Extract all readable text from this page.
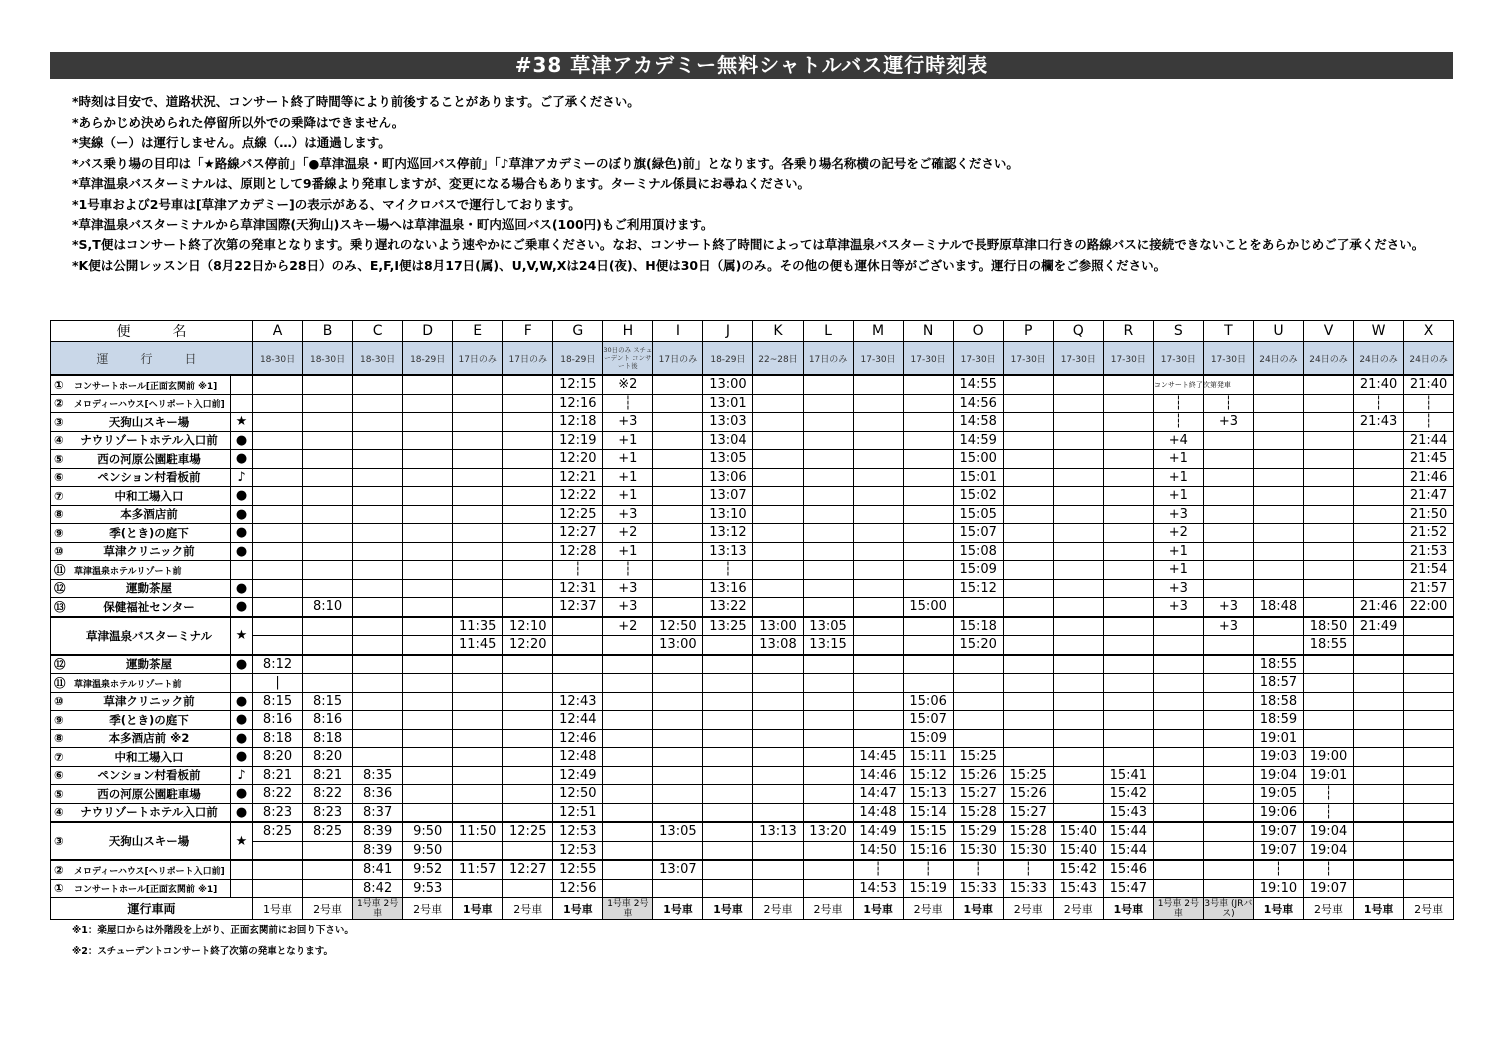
#38 草津アカデミー無料シャトルバス運行時刻表
*時刻は目安で、道路状況、コンサート終了時間等により前後することがあります。ご了承ください。
*あらかじめ決められた停留所以外での乗降はできません。
*実線（ー）は運行しません。点線（…）は通過します。
*バス乗り場の目印は「★路線バス停前」「●草津温泉・町内巡回バス停前」「♪草津アカデミーのぼり旗(緑色)前」となります。各乗り場名称横の記号をご確認ください。
*草津温泉バスターミナルは、原則として9番線より発車しますが、変更になる場合もあります。ターミナル係員にお尋ねください。
*1号車および2号車は[草津アカデミー]の表示がある、マイクロバスで運行しております。
*草津温泉バスターミナルから草津国際(天狗山)スキー場へは草津温泉・町内巡回バス(100円)もご利用頂けます。
*S,T便はコンサート終了次第の発車となります。乗り遅れのないよう速やかにご乗車ください。なお、コンサート終了時間によっては草津温泉バスターミナルで長野原草津口行きの路線バスに接続できないことをあらかじめご了承ください。
*K便は公開レッスン日（8月22日から28日）のみ、E,F,I便は8月17日(属)、U,V,W,Xは24日(夜)、H便は30日（属)のみ。その他の便も運休日等がございます。運行日の欄をご参照ください。
便　　　名		A	B	C	D	E	F	G	H	I	J	K	L	M	N	O	P	Q	R	S	T	U	V	W	X
運　行　日		18-30日	18-30日	18-30日	18-29日	17日のみ	17日のみ	18-29日	30日のみ スチューデント コンサート後	17日のみ	18-29日	22~28日	17日のみ	17-30日	17-30日	17-30日	17-30日	17-30日	17-30日	17-30日	17-30日	24日のみ	24日のみ	24日のみ	24日のみ
① コンサートホール[正面玄関前 ※1]								12:15	※2		13:00					14:55				コンサート終了次第発車				21:40	21:40
② メロディーハウス[ヘリポート入口前]								12:16	┆		13:01					14:56				┆	┆			┆	┆
③ 天狗山スキー場	★							12:18	+3		13:03					14:58				┆	+3			21:43	┆
④ ナウリゾートホテル入口前	●							12:19	+1		13:04					14:59				+4					21:44
⑤ 西の河原公園駐車場	●							12:20	+1		13:05					15:00				+1					21:45
⑥ ペンション村看板前	♪							12:21	+1		13:06					15:01				+1					21:46
⑦ 中和工場入口	●							12:22	+1		13:07					15:02				+1					21:47
⑧ 本多酒店前	●							12:25	+3		13:10					15:05				+3					21:50
⑨ 季(とき)の庭下	●							12:27	+2		13:12					15:07				+2					21:52
⑩ 草津クリニック前	●							12:28	+1		13:13					15:08				+1					21:53
⑪ 草津温泉ホテルリゾート前								┆	┆		┆					15:09				+1					21:54
⑫ 運動茶屋	●							12:31	+3		13:16					15:12				+3					21:57
⑬ 保健福祉センター	●		8:10					12:37	+3		13:22				15:00					+3	+3	18:48		21:46	22:00
草津温泉バスターミナル	★					11:35	12:10		+2	12:50	13:25	13:00	13:05			15:18					+3		18:50	21:49	
						11:45	12:20			13:00		13:08	13:15			15:20							18:55		
⑫ 運動茶屋	●	8:12																				18:55			
⑪ 草津温泉ホテルリゾート前		|																				18:57			
⑩ 草津クリニック前	●	8:15	8:15					12:43							15:06							18:58			
⑨ 季(とき)の庭下	●	8:16	8:16					12:44							15:07							18:59			
⑧ 本多酒店前 ※2	●	8:18	8:18					12:46							15:09							19:01			
⑦ 中和工場入口	●	8:20	8:20					12:48						14:45	15:11	15:25						19:03	19:00		
⑥ ペンション村看板前	♪	8:21	8:21	8:35				12:49						14:46	15:12	15:26	15:25		15:41			19:04	19:01		
⑤ 西の河原公園駐車場	●	8:22	8:22	8:36				12:50						14:47	15:13	15:27	15:26		15:42			19:05	┆		
④ ナウリゾートホテル入口前	●	8:23	8:23	8:37				12:51						14:48	15:14	15:28	15:27		15:43			19:06	┆		
③ 天狗山スキー場	★	8:25	8:25	8:39	9:50	11:50	12:25	12:53		13:05		13:13	13:20	14:49	15:15	15:29	15:28	15:40	15:44			19:07	19:04		
				8:39	9:50			12:53						14:50	15:16	15:30	15:30	15:40	15:44			19:07	19:04		
② メロディーハウス[ヘリポート入口前]				8:41	9:52	11:57	12:27	12:55		13:07				┆	┆	┆	┆	15:42	15:46			┆	┆		
① コンサートホール[正面玄関前 ※1]				8:42	9:53			12:56						14:53	15:19	15:33	15:33	15:43	15:47			19:10	19:07		
運行車両		1号車	2号車	1号車 2号車	2号車	1号車	2号車	1号車	1号車 2号車	1号車	1号車	2号車	2号車	1号車	2号車	1号車	2号車	2号車	1号車	1号車 2号車	3号車 (JRバス)	1号車	2号車	1号車	2号車
※1：楽屋口からは外階段を上がり、正面玄関前にお回り下さい。
※2：スチューデントコンサート終了次第の発車となります。
